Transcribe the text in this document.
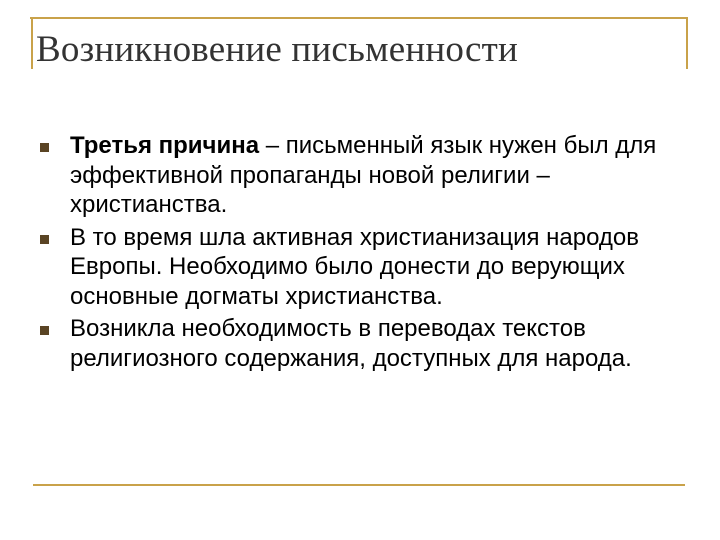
Возникновение письменности
Третья причина – письменный язык нужен был для эффективной пропаганды новой религии – христианства.
В то время шла активная христианизация народов Европы. Необходимо было донести до верующих основные догматы христианства.
Возникла необходимость в переводах текстов религиозного содержания, доступных для народа.
